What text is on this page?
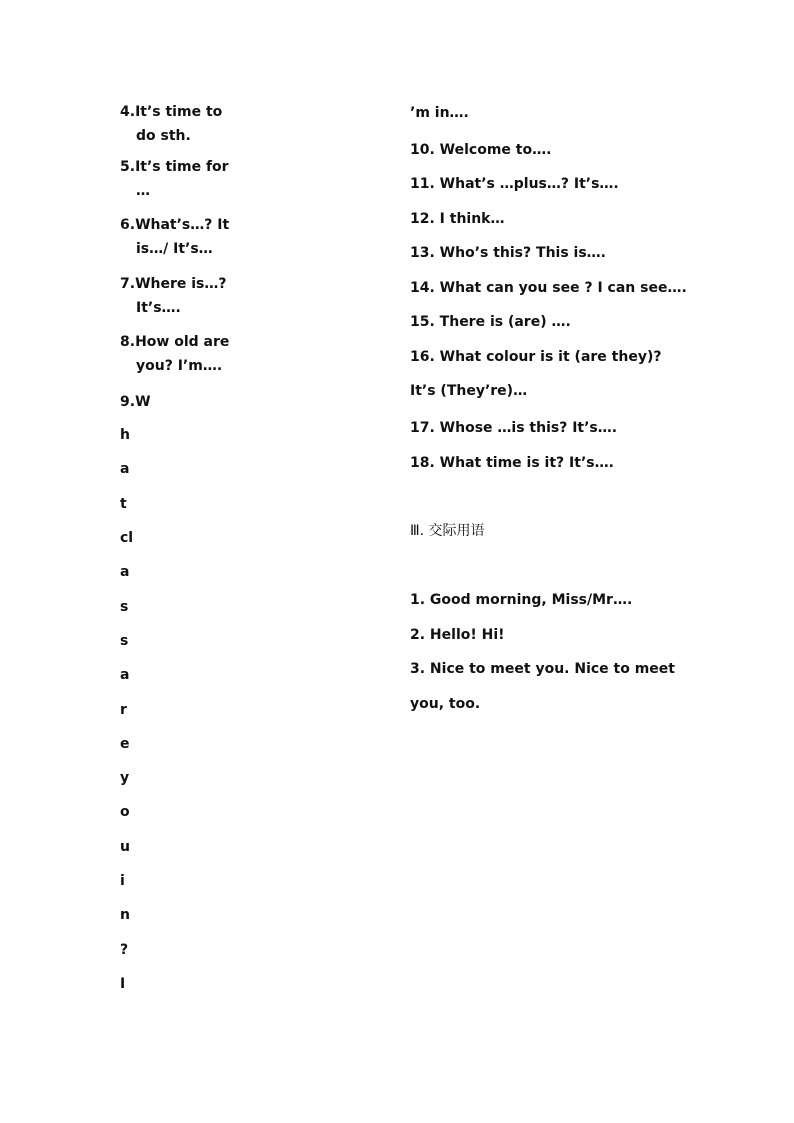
4.It’s time to
do sth.
5.It’s time for
…
6.What’s…? It
is…/ It’s…
7.Where is…?
It’s….
8.How old are
you? I’m….
9.W
h
a
t
cl
a
s
s
a
r
e
y
o
u
i
n
?
I
’m in….
10. Welcome to….
11. What’s …plus…? It’s….
12. I think…
13. Who’s this? This is….
14. What can you see ? I can see….
15. There is (are) ….
16. What colour is it (are they)?
It’s (They’re)…
17. Whose …is this? It’s….
18. What time is it? It’s….
Ⅲ. 交际用语
1. Good morning, Miss/Mr….
2. Hello! Hi!
3. Nice to meet you. Nice to meet
you, too.
